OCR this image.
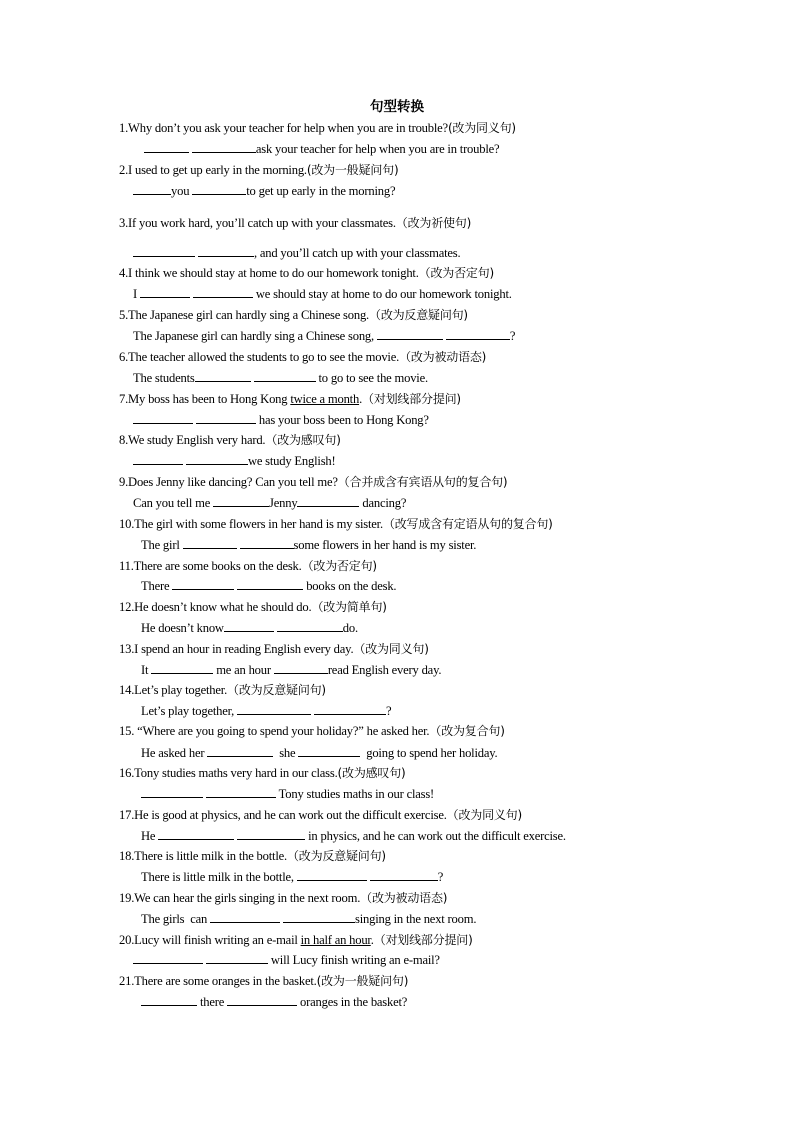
句型转换
1.Why don’t you ask your teacher for help when you are in trouble?(改为同义句)
ask your teacher for help when you are in trouble?
2.I used to get up early in the morning.(改为一般疑问句)
you	to get up early in the morning?
3.If you work hard, you’ll catch up with your classmates.（改为祈使句)
, and you’ll catch up with your classmates.
4.I think we should stay at home to do our homework tonight.（改为否定句)
I	we should stay at home to do our homework tonight.
5.The Japanese girl can hardly sing a Chinese song.（改为反意疑问句)
The Japanese girl can hardly sing a Chinese song,	?
6.The teacher allowed the students to go to see the movie.（改为被动语态)
The students	to go to see the movie.
7.My boss has been to Hong Kong twice a month.（对划线部分提问)
has your boss been to Hong Kong?
8.We study English very hard.（改为感叹句)
we study English!
9.Does Jenny like dancing? Can you tell me?（合并成含有宾语从句的复合句)
Can you tell me	Jenny	dancing?
10.The girl with some flowers in her hand is my sister.（改写成含有定语从句的复合句)
The girl	some flowers in her hand is my sister.
11.There are some books on the desk.（改为否定句)
There	books on the desk.
12.He doesn’t know what he should do.（改为简单句)
He doesn’t know	do.
13.I spend an hour in reading English every day.（改为同义句)
It	me an hour	read English every day.
14.Let’s play together.（改为反意疑问句)
Let’s play together,	?
15. “Where are you going to spend your holiday?” he asked her.（改为复合句)
He asked her	she	going to spend her holiday.
16.Tony studies maths very hard in our class.(改为感叹句)
Tony studies maths in our class!
17.He is good at physics, and he can work out the difficult exercise.（改为同义句)
He	in physics, and he can work out the difficult exercise.
18.There is little milk in the bottle.（改为反意疑问句)
There is little milk in the bottle,	?
19.We can hear the girls singing in the next room.（改为被动语态)
The girls  can	singing in the next room.
20.Lucy will finish writing an e-mail in half an hour.（对划线部分提问)
will Lucy finish writing an e-mail?
21.There are some oranges in the basket.(改为一般疑问句)
there	oranges in the basket?
